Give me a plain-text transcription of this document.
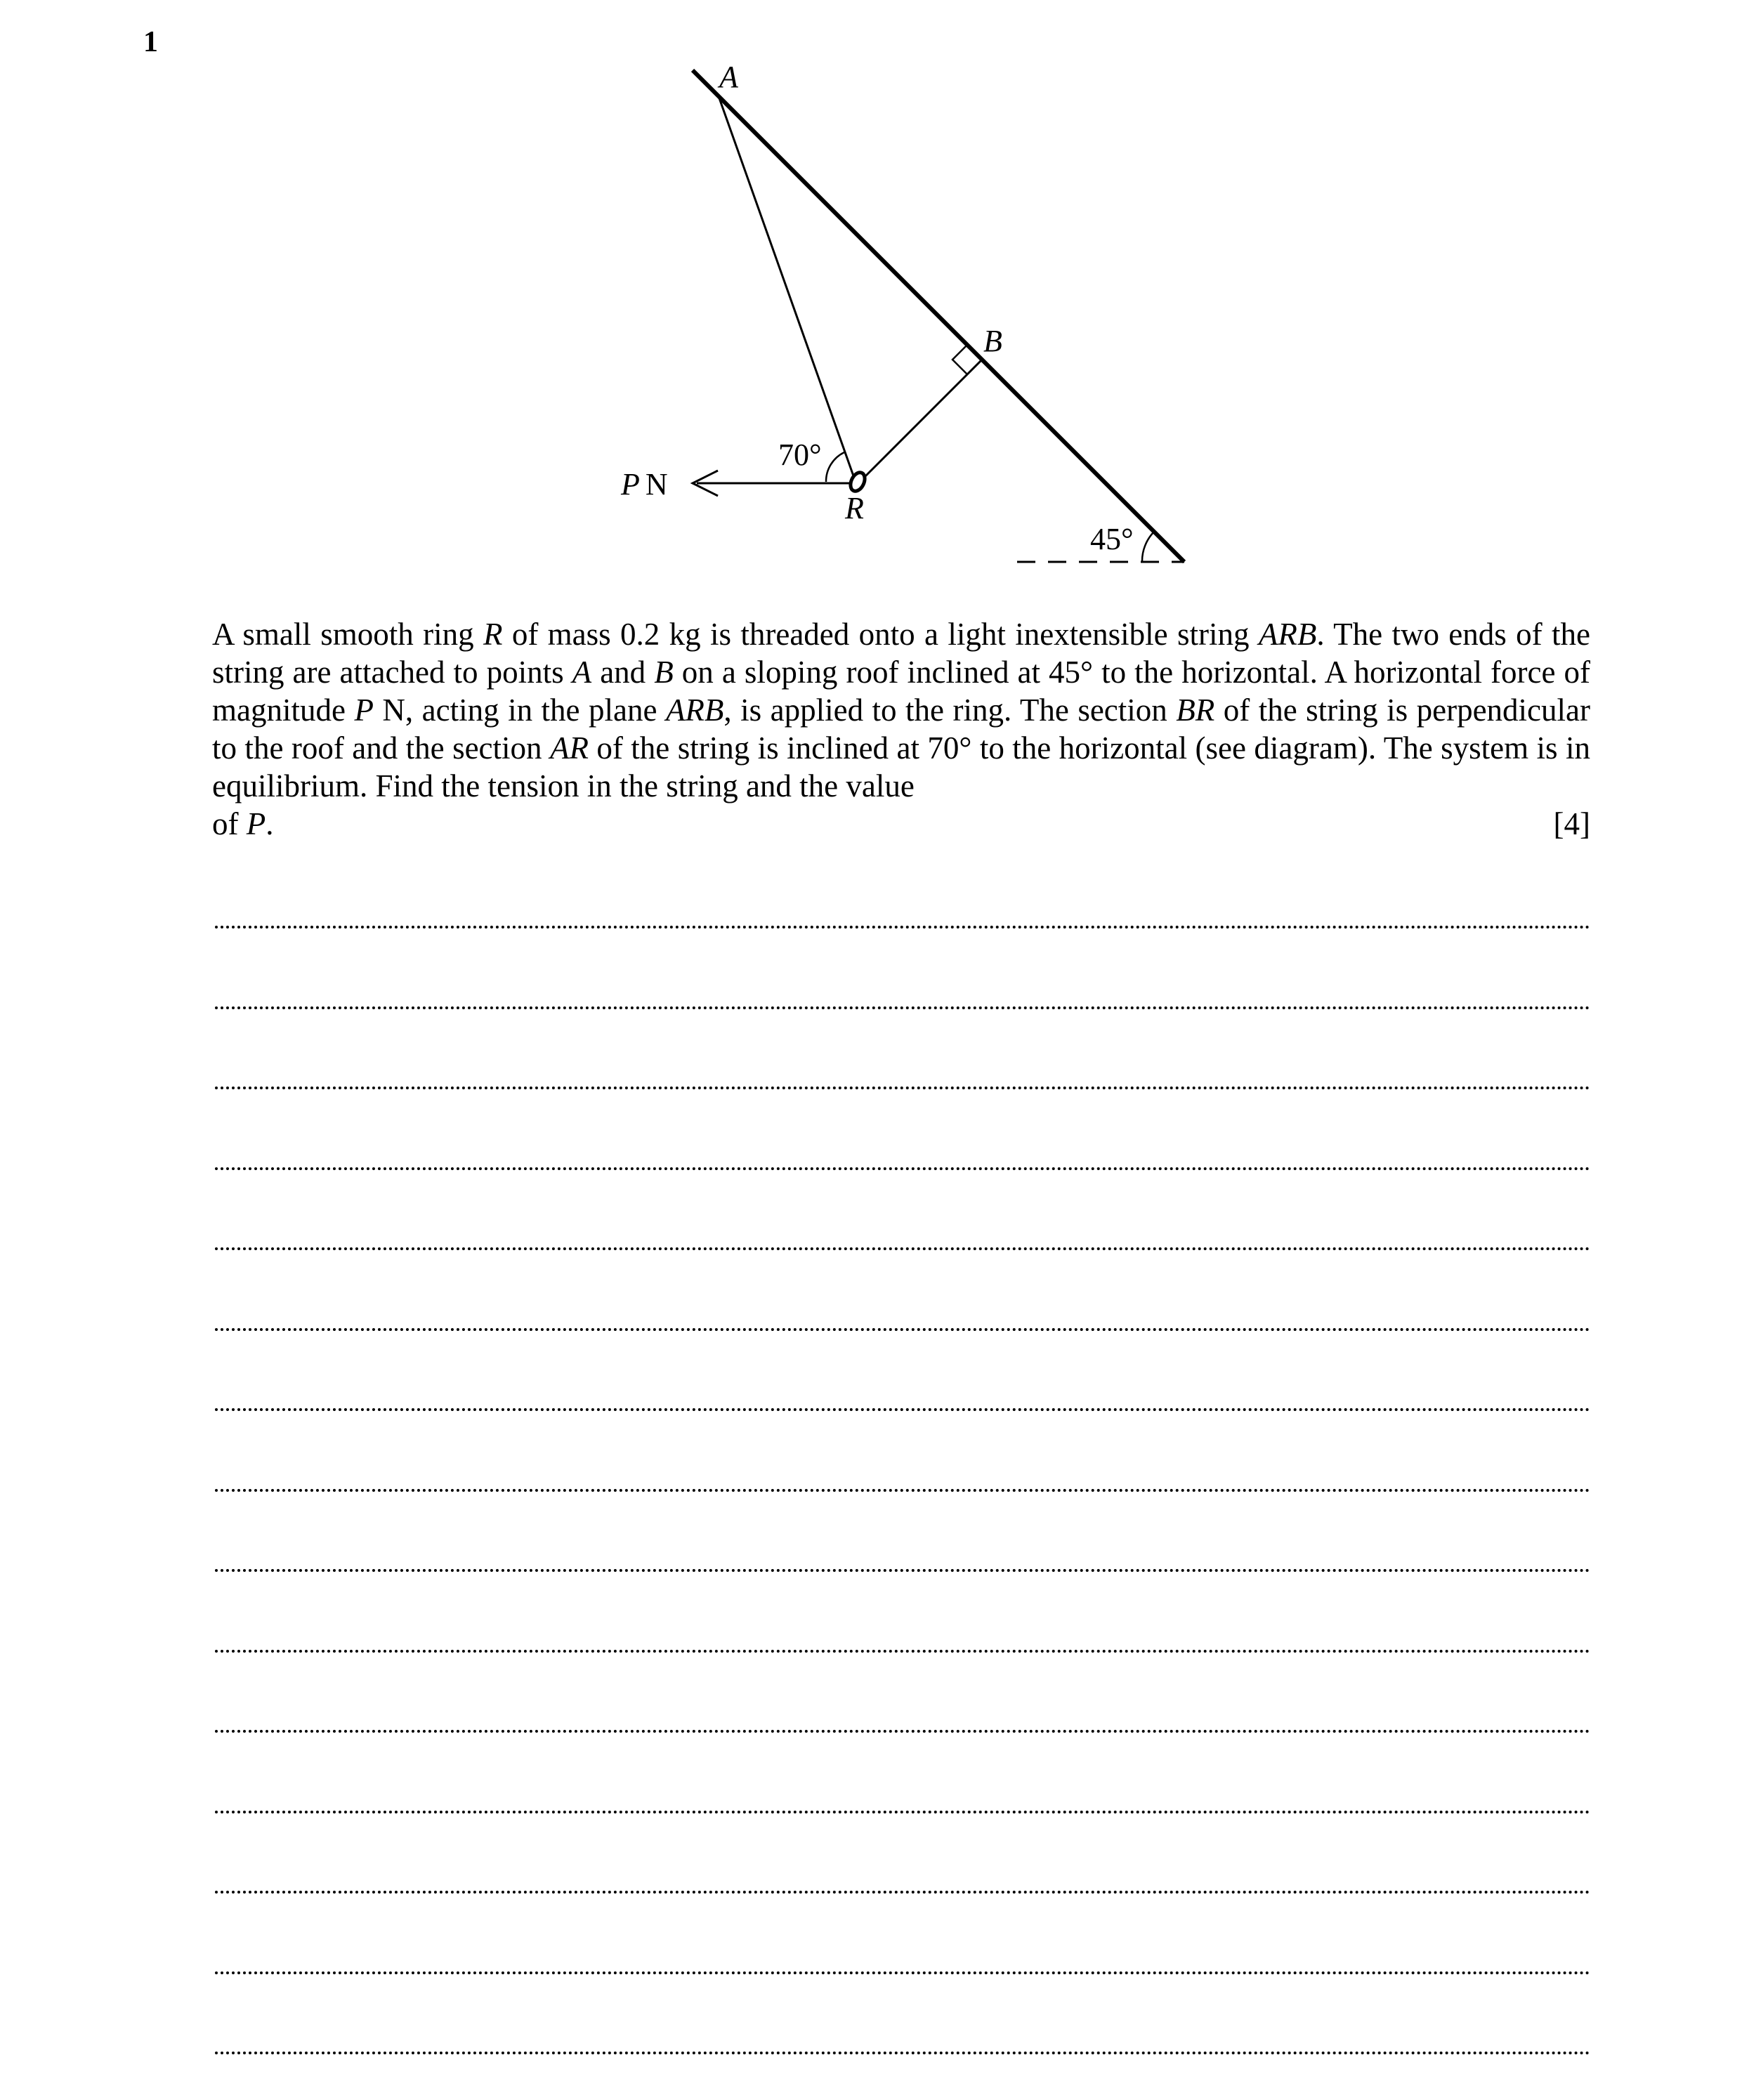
1
A
B
R
P N
70°
45°
A small smooth ring R of mass 0.2 kg is threaded onto a light inextensible string ARB. The two ends of the string are attached to points A and B on a sloping roof inclined at 45° to the horizontal. A horizontal force of magnitude P N, acting in the plane ARB, is applied to the ring. The section BR of the string is perpendicular to the roof and the section AR of the string is inclined at 70° to the horizontal (see diagram). The system is in equilibrium. Find the tension in the string and the value
of P.	[4]
